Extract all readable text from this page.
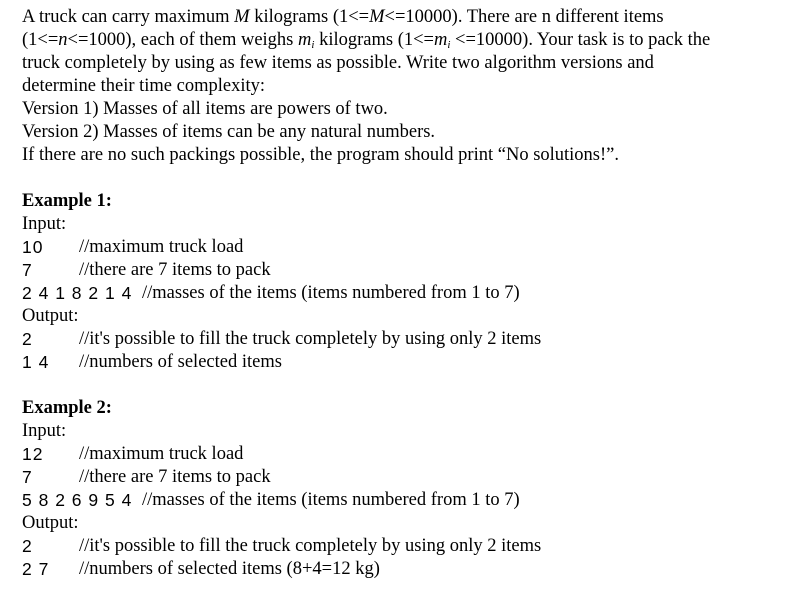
A truck can carry maximum M kilograms (1<=M<=10000). There are n different items

(1<=n<=1000), each of them weighs $m_i$ kilograms $(1<=m_i <=10000)$. Your task is to pack the

truck completely by using as few items as possible. Write two algorithm versions and

determine their time complexity:

Version 1) Masses of all items are powers of two.

Version 2) Masses of items can be any natural numbers.

If there are no such packings possible, the program should print “No solutions!”.

Example 1:
Input:
10 //maximum truck load
7	//there are 7 items to pack
2 4 1 8 2 1 4 //masses of the items (items numbered from 1 to 7)
Output:
2	//it's possible to fill the truck completely by using only 2 items
1 4 //numbers of selected items
Example 2:
Input:
12 //maximum truck load
7	//there are 7 items to pack
5 8 2 6 9 5 4 //masses of the items (items numbered from 1 to 7)
Output:
2	//it's possible to fill the truck completely by using only 2 items
2 7 //numbers of selected items (8+4=12 kg)
